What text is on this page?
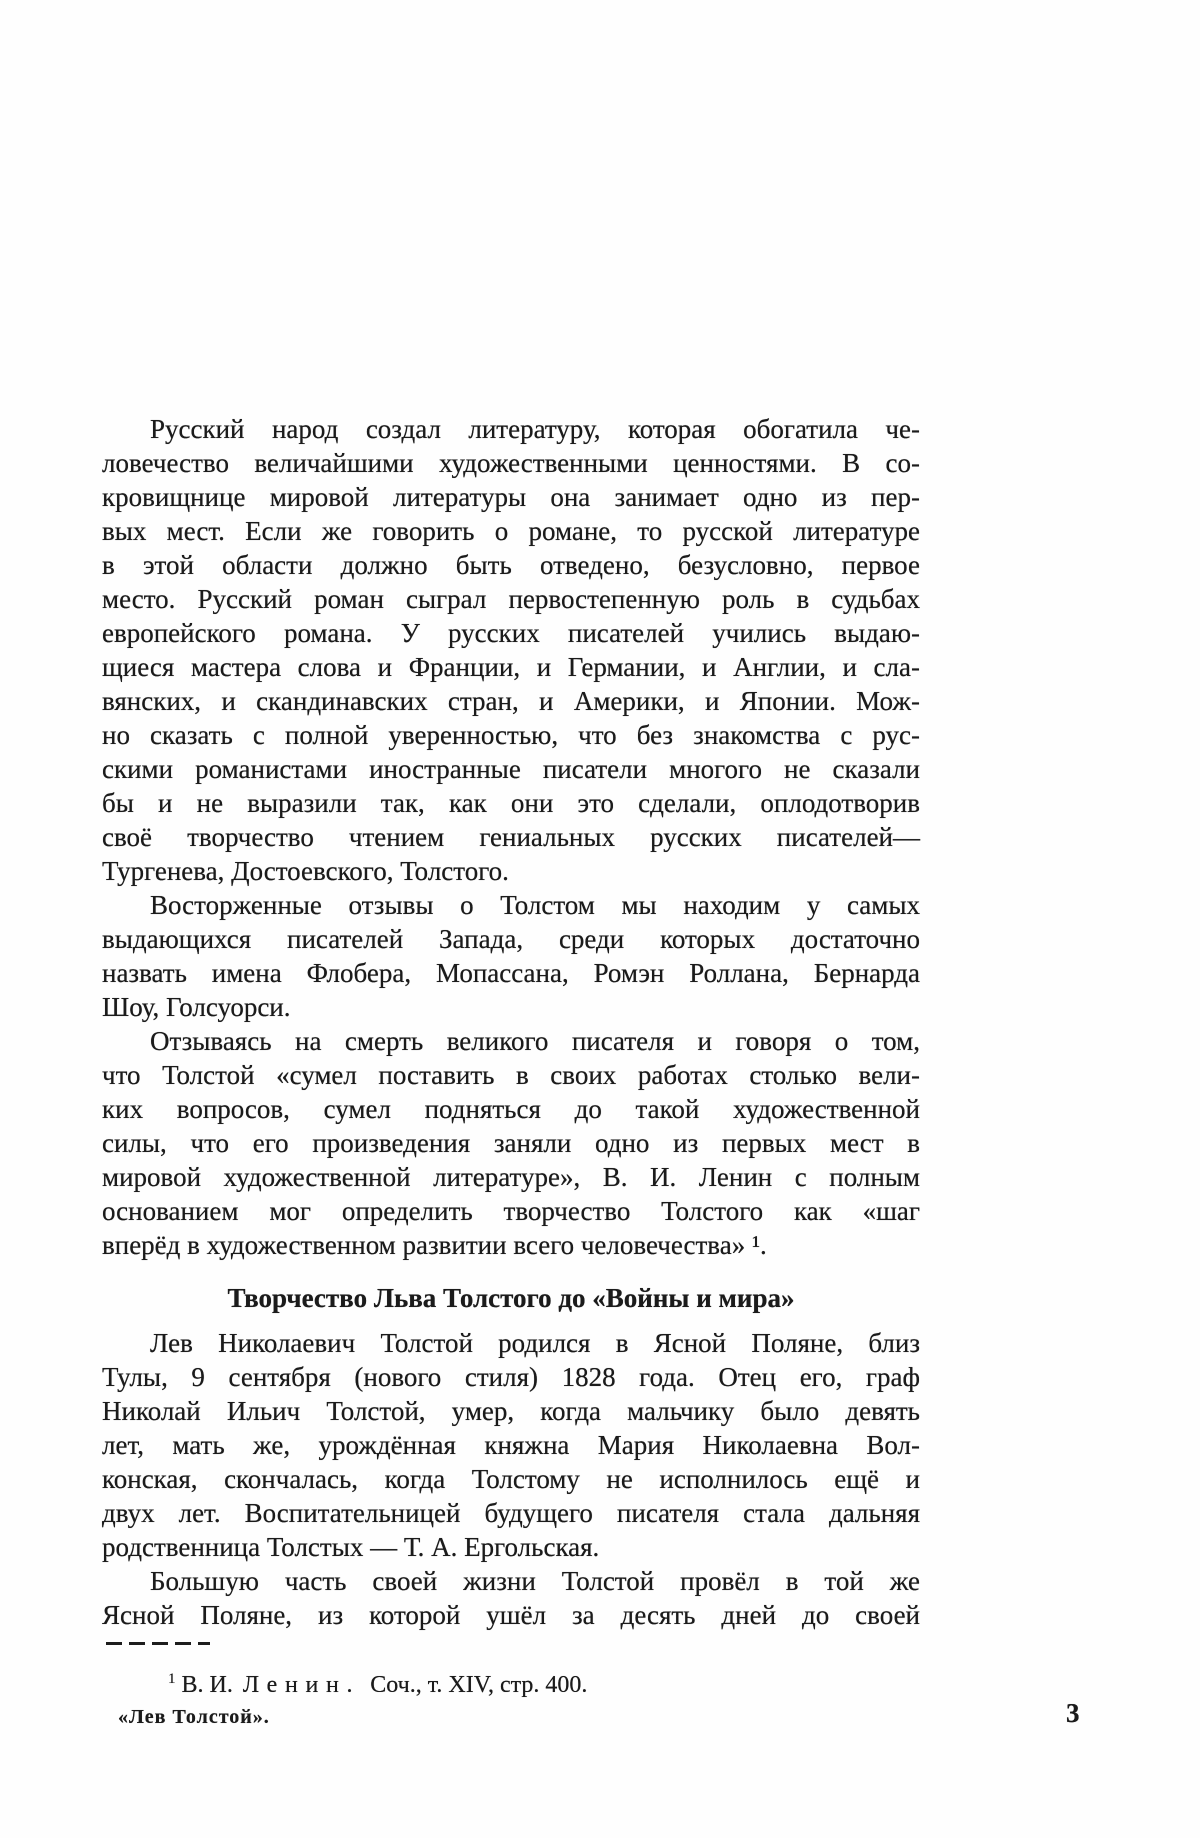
Русский народ создал литературу, которая обогатила че-
ловечество величайшими художественными ценностями. В со-
кровищнице мировой литературы она занимает одно из пер-
вых мест. Если же говорить о романе, то русской литературе
в этой области должно быть отведено, безусловно, первое
место. Русский роман сыграл первостепенную роль в судьбах
европейского романа. У русских писателей учились выдаю-
щиеся мастера слова и Франции, и Германии, и Англии, и сла-
вянских, и скандинавских стран, и Америки, и Японии. Мож-
но сказать с полной уверенностью, что без знакомства с рус-
скими романистами иностранные писатели многого не сказали
бы и не выразили так, как они это сделали, оплодотворив
своё творчество чтением гениальных русских писателей—
Тургенева, Достоевского, Толстого.
Восторженные отзывы о Толстом мы находим у самых
выдающихся писателей Запада, среди которых достаточно
назвать имена Флобера, Мопассана, Ромэн Роллана, Бернарда
Шоу, Голсуорси.
Отзываясь на смерть великого писателя и говоря о том,
что Толстой «сумел поставить в своих работах столько вели-
ких вопросов, сумел подняться до такой художественной
силы, что его произведения заняли одно из первых мест в
мировой художественной литературе», В. И. Ленин с полным
основанием мог определить творчество Толстого как «шаг
вперёд в художественном развитии всего человечества» ¹.
Творчество Льва Толстого до «Войны и мира»
Лев Николаевич Толстой родился в Ясной Поляне, близ
Тулы, 9 сентября (нового стиля) 1828 года. Отец его, граф
Николай Ильич Толстой, умер, когда мальчику было девять
лет, мать же, урождённая княжна Мария Николаевна Вол-
конская, скончалась, когда Толстому не исполнилось ещё и
двух лет. Воспитательницей будущего писателя стала дальняя
родственница Толстых — Т. А. Ергольская.
Большую часть своей жизни Толстой провёл в той же
Ясной Поляне, из которой ушёл за десять дней до своей
$^1$ В. И. Ленин. Соч., т. XIV, стр. 400.
«Лев Толстой».	3
